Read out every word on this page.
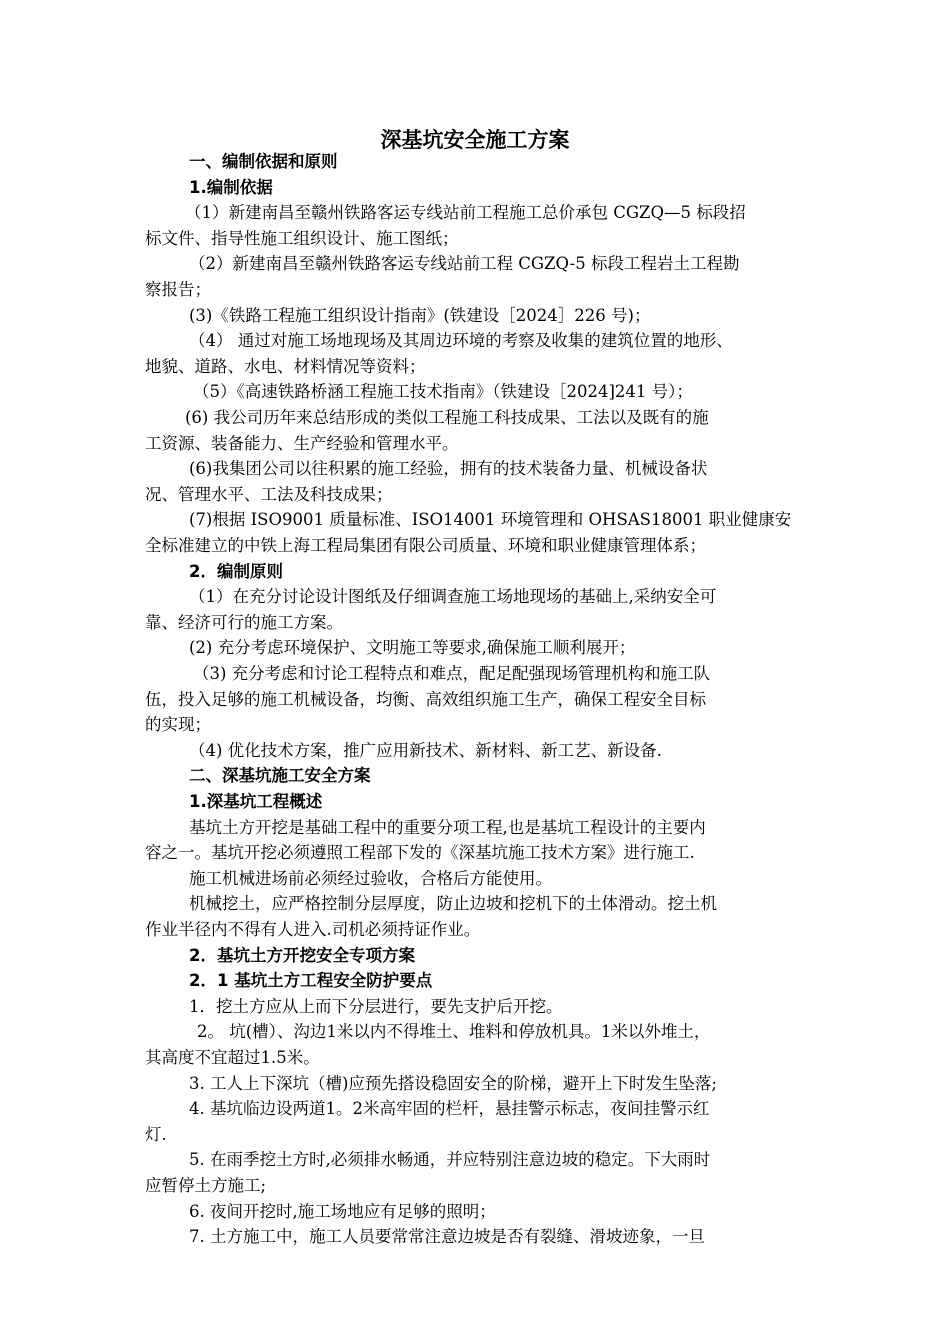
深基坑安全施工方案
一、编制依据和原则
1.编制依据
（1）新建南昌至赣州铁路客运专线站前工程施工总价承包 CGZQ—5 标段招
标文件、指导性施工组织设计、施工图纸；
（2）新建南昌至赣州铁路客运专线站前工程 CGZQ-5 标段工程岩土工程勘
察报告；
(3)《铁路工程施工组织设计指南》(铁建设［2024］226 号)；
（4） 通过对施工场地现场及其周边环境的考察及收集的建筑位置的地形、
地貌、道路、水电、材料情况等资料；
（5）《高速铁路桥涵工程施工技术指南》（铁建设［2024]241 号）；
(6) 我公司历年来总结形成的类似工程施工科技成果、工法以及既有的施
工资源、装备能力、生产经验和管理水平。
(6)我集团公司以往积累的施工经验，拥有的技术装备力量、机械设备状
况、管理水平、工法及科技成果；
(7)根据 ISO9001 质量标准、ISO14001 环境管理和 OHSAS18001 职业健康安
全标准建立的中铁上海工程局集团有限公司质量、环境和职业健康管理体系；
2．编制原则
（1）在充分讨论设计图纸及仔细调查施工场地现场的基础上,采纳安全可
靠、经济可行的施工方案。
(2) 充分考虑环境保护、文明施工等要求,确保施工顺利展开；
（3) 充分考虑和讨论工程特点和难点，配足配强现场管理机构和施工队
伍，投入足够的施工机械设备，均衡、高效组织施工生产，确保工程安全目标
的实现；
（4) 优化技术方案，推广应用新技术、新材料、新工艺、新设备.
二、深基坑施工安全方案
1.深基坑工程概述
基坑土方开挖是基础工程中的重要分项工程,也是基坑工程设计的主要内
容之一。基坑开挖必须遵照工程部下发的《深基坑施工技术方案》进行施工.
施工机械进场前必须经过验收，合格后方能使用。
机械挖土，应严格控制分层厚度，防止边坡和挖机下的土体滑动。挖土机
作业半径内不得有人进入.司机必须持证作业。
2．基坑土方开挖安全专项方案
2．1 基坑土方工程安全防护要点
1．挖土方应从上而下分层进行，要先支护后开挖。
2。 坑(槽）、沟边1米以内不得堆土、堆料和停放机具。1米以外堆土，
其高度不宜超过1.5米。
3. 工人上下深坑（槽)应预先搭设稳固安全的阶梯，避开上下时发生坠落;
4. 基坑临边设两道1。2米高牢固的栏杆，悬挂警示标志，夜间挂警示红
灯.
5. 在雨季挖土方时,必须排水畅通，并应特别注意边坡的稳定。下大雨时
应暂停土方施工;
6. 夜间开挖时,施工场地应有足够的照明；
7. 土方施工中，施工人员要常常注意边坡是否有裂缝、滑坡迹象，一旦
